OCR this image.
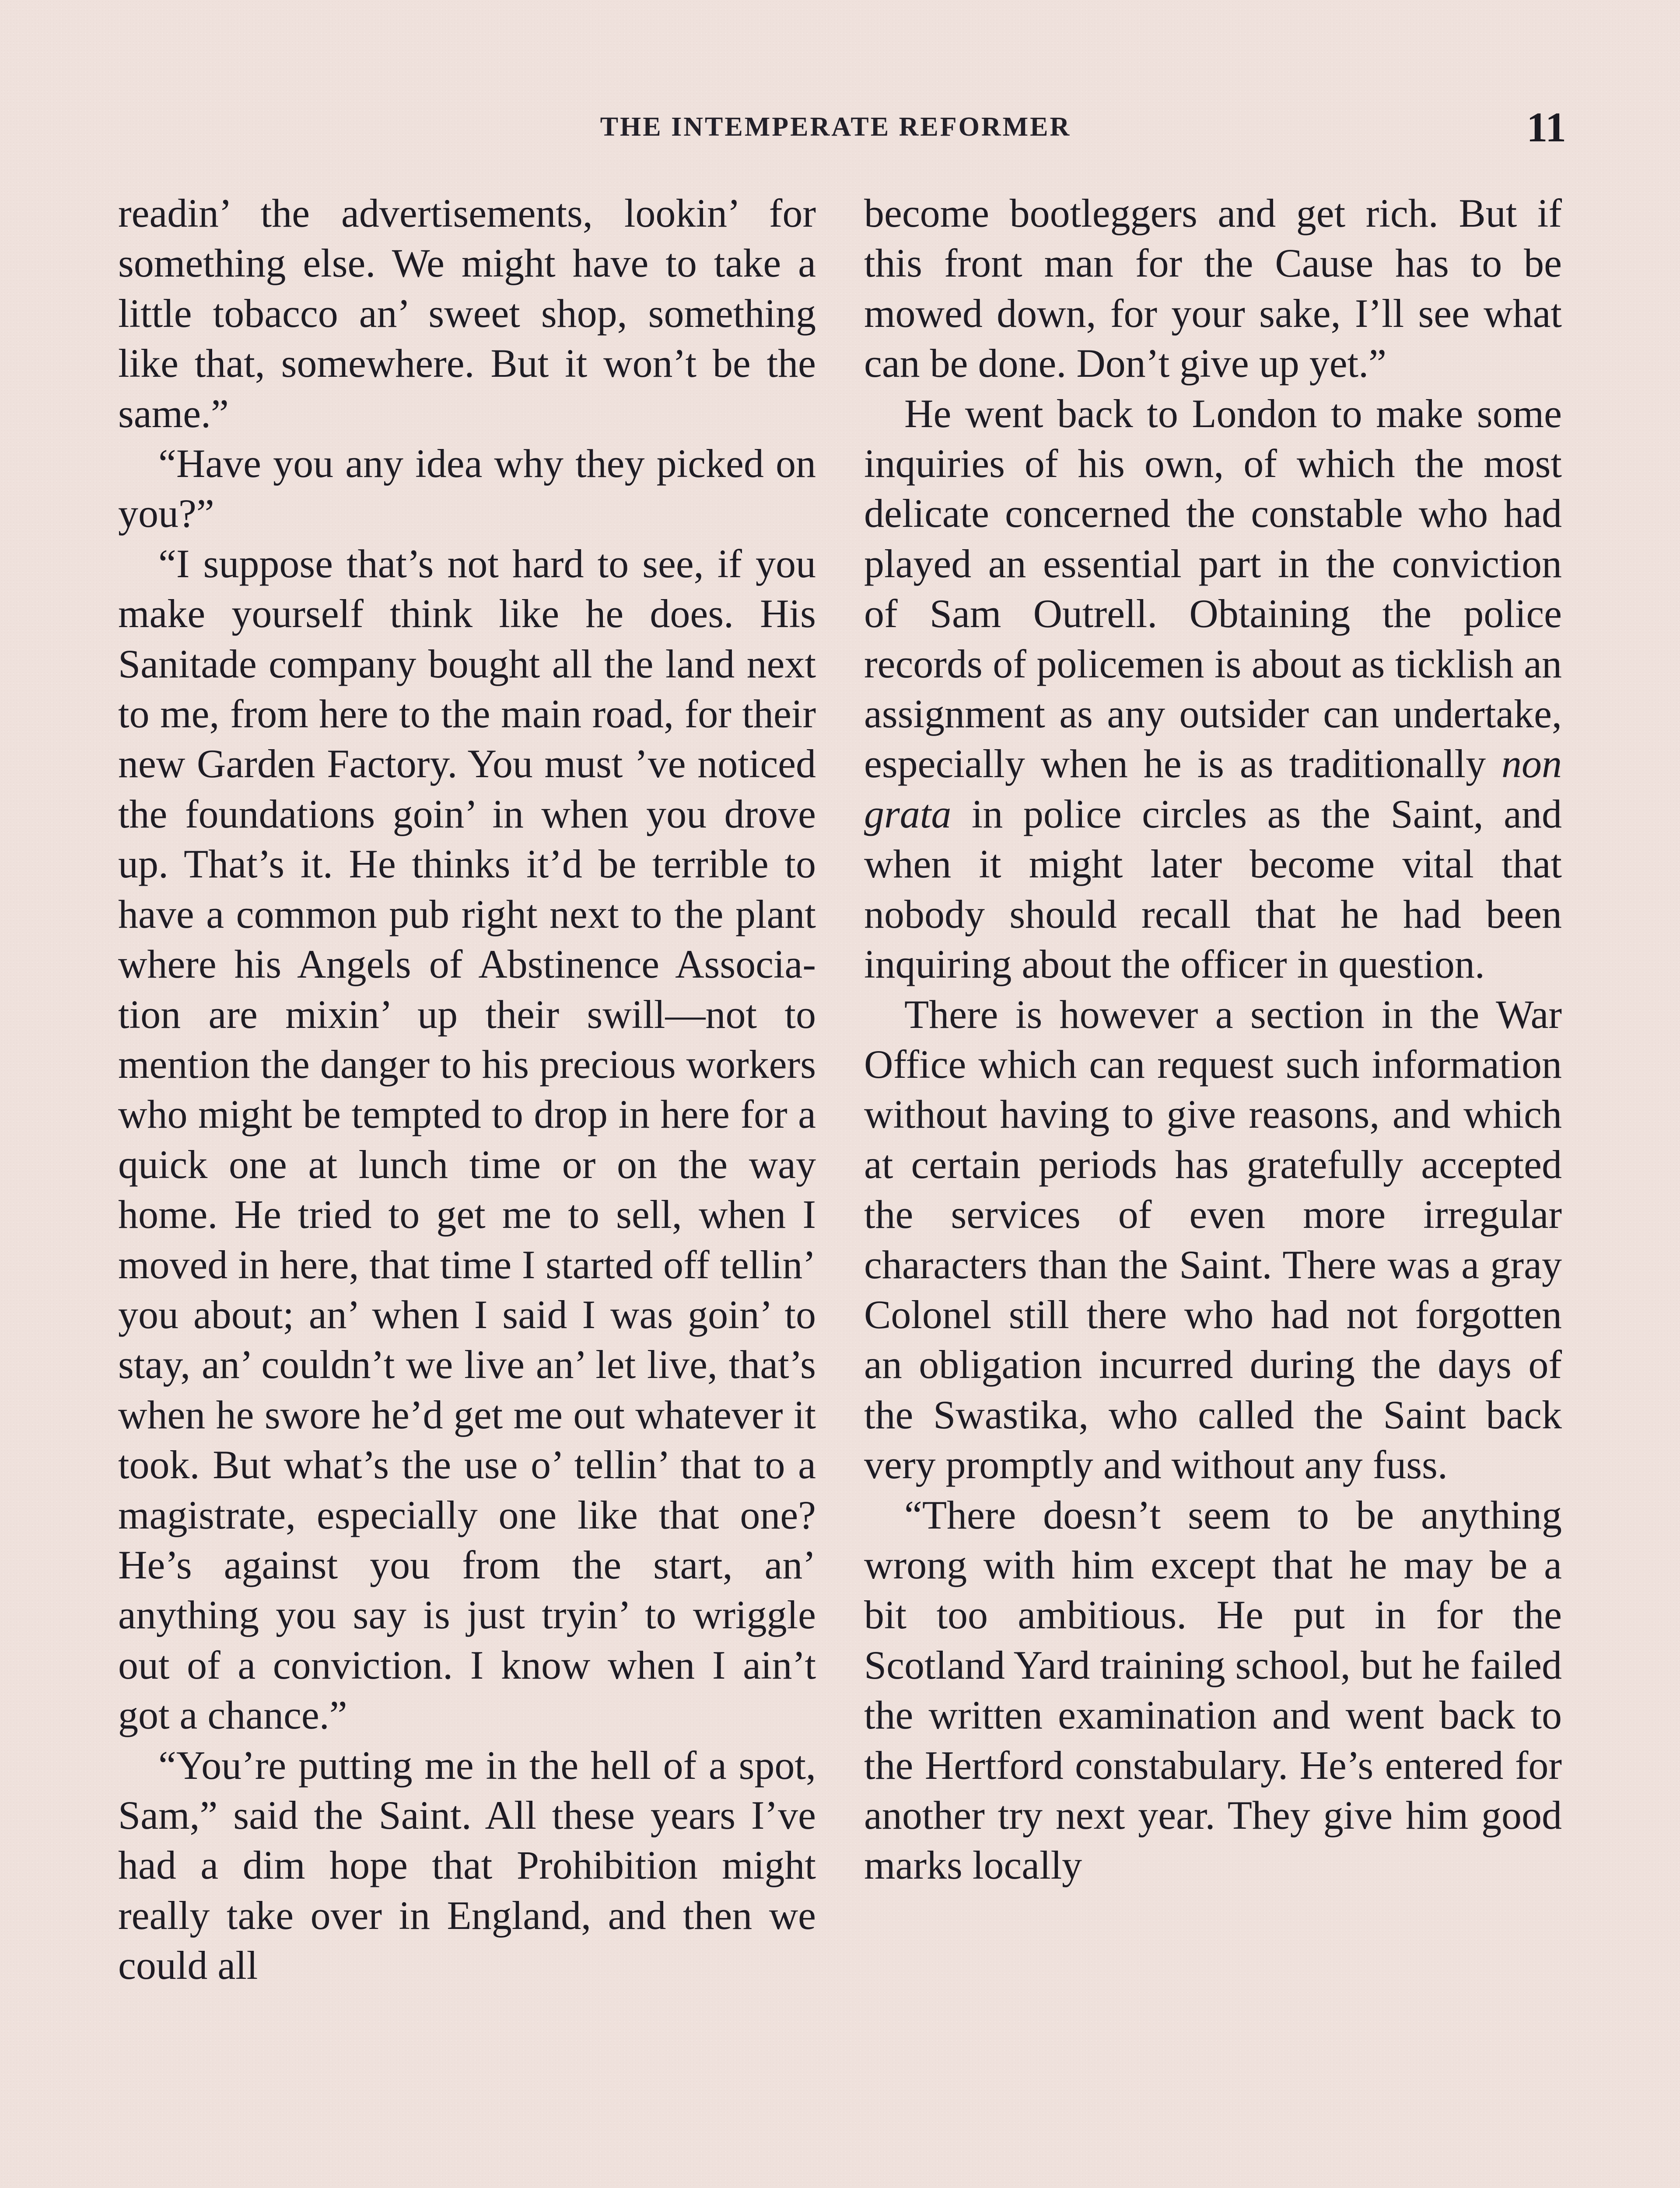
THE INTEMPERATE REFORMER	11

readin’ the advertisements, lookin’ for something else. We might have to take a little tobacco an’ sweet shop, something like that, somewhere. But it won’t be the same.”

“Have you any idea why they picked on you?”

“I suppose that’s not hard to see, if you make yourself think like he does. His Sanitade company bought all the land next to me, from here to the main road, for their new Garden Factory. You must ’ve noticed the foundations goin’ in when you drove up. That’s it. He thinks it’d be terrible to have a common pub right next to the plant where his Angels of Abstinence Association are mixin’ up their swill—not to mention the danger to his precious workers who might be tempted to drop in here for a quick one at lunch time or on the way home. He tried to get me to sell, when I moved in here, that time I started off tellin’ you about; an’ when I said I was goin’ to stay, an’ couldn’t we live an’ let live, that’s when he swore he’d get me out whatever it took. But what’s the use o’ tellin’ that to a magistrate, especially one like that one? He’s against you from the start, an’ anything you say is just tryin’ to wriggle out of a conviction. I know when I ain’t got a chance.”

“You’re putting me in the hell of a spot, Sam,” said the Saint. All these years I’ve had a dim hope that Prohibition might really take over in England, and then we could all

become bootleggers and get rich. But if this front man for the Cause has to be mowed down, for your sake, I’ll see what can be done. Don’t give up yet.”

He went back to London to make some inquiries of his own, of which the most delicate concerned the constable who had played an essential part in the conviction of Sam Outrell. Obtaining the police records of policemen is about as ticklish an assignment as any outsider can undertake, especially when he is as traditionally non grata in police circles as the Saint, and when it might later become vital that nobody should recall that he had been inquiring about the officer in question.

There is however a section in the War Office which can request such information without having to give reasons, and which at certain periods has gratefully accepted the services of even more irregular characters than the Saint. There was a gray Colonel still there who had not forgotten an obligation incurred during the days of the Swastika, who called the Saint back very promptly and without any fuss.

“There doesn’t seem to be anything wrong with him except that he may be a bit too ambitious. He put in for the Scotland Yard training school, but he failed the written examination and went back to the Hertford constabulary. He’s entered for another try next year. They give him good marks locally
